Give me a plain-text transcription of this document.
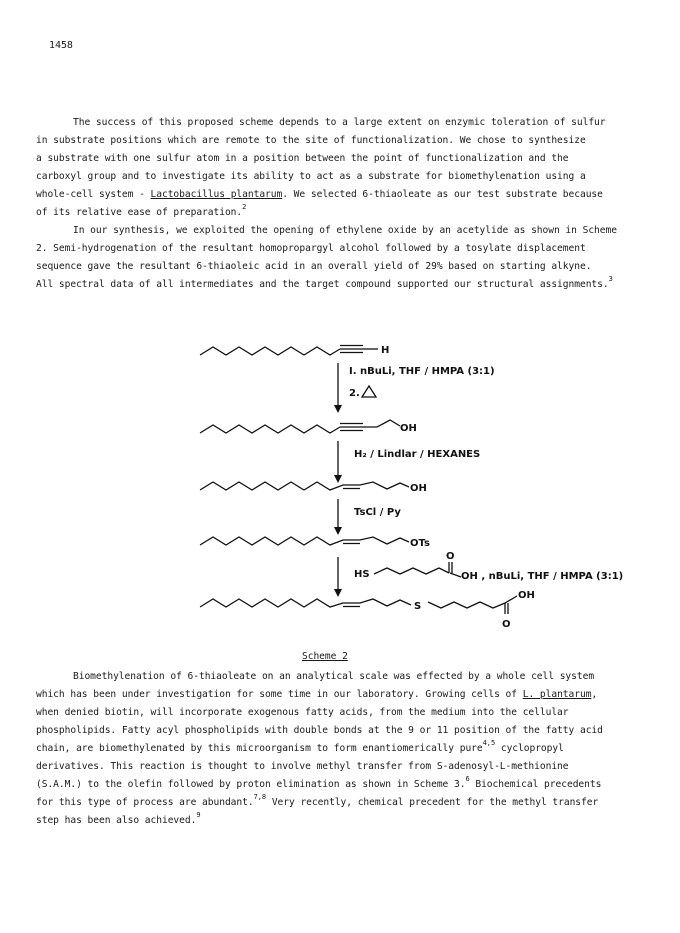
1458
The success of this proposed scheme depends to a large extent on enzymic toleration of sulfur
in substrate positions which are remote to the site of functionalization. We chose to synthesize
a substrate with one sulfur atom in a position between the point of functionalization and the
carboxyl group and to investigate its ability to act as a substrate for biomethylenation using a
whole-cell system - Lactobacillus plantarum. We selected 6-thiaoleate as our test substrate because
of its relative ease of preparation.$^2$
In our synthesis, we exploited the opening of ethylene oxide by an acetylide as shown in Scheme
2. Semi-hydrogenation of the resultant homopropargyl alcohol followed by a tosylate displacement
sequence gave the resultant 6-thiaoleic acid in an overall yield of 29% based on starting alkyne.
All spectral data of all intermediates and the target compound supported our structural assignments.$^3$
H
I. nBuLi, THF / HMPA (3:1)
2.
OH
H₂ / Lindlar / HEXANES
OH
TsCl / Py
OTs
O
HS	OH , nBuLi, THF / HMPA (3:1)
S
OH
O
Scheme 2
Biomethylenation of 6-thiaoleate on an analytical scale was effected by a whole cell system
which has been under investigation for some time in our laboratory. Growing cells of L. plantarum,
when denied biotin, will incorporate exogenous fatty acids, from the medium into the cellular
phospholipids. Fatty acyl phospholipids with double bonds at the 9 or 11 position of the fatty acid
chain, are biomethylenated by this microorganism to form enantiomerically pure$^{4,5}$ cyclopropyl
derivatives. This reaction is thought to involve methyl transfer from S-adenosyl-L-methionine
(S.A.M.) to the olefin followed by proton elimination as shown in Scheme 3.$^6$ Biochemical precedents
for this type of process are abundant.$^{7,8}$ Very recently, chemical precedent for the methyl transfer
step has been also achieved.$^9$
